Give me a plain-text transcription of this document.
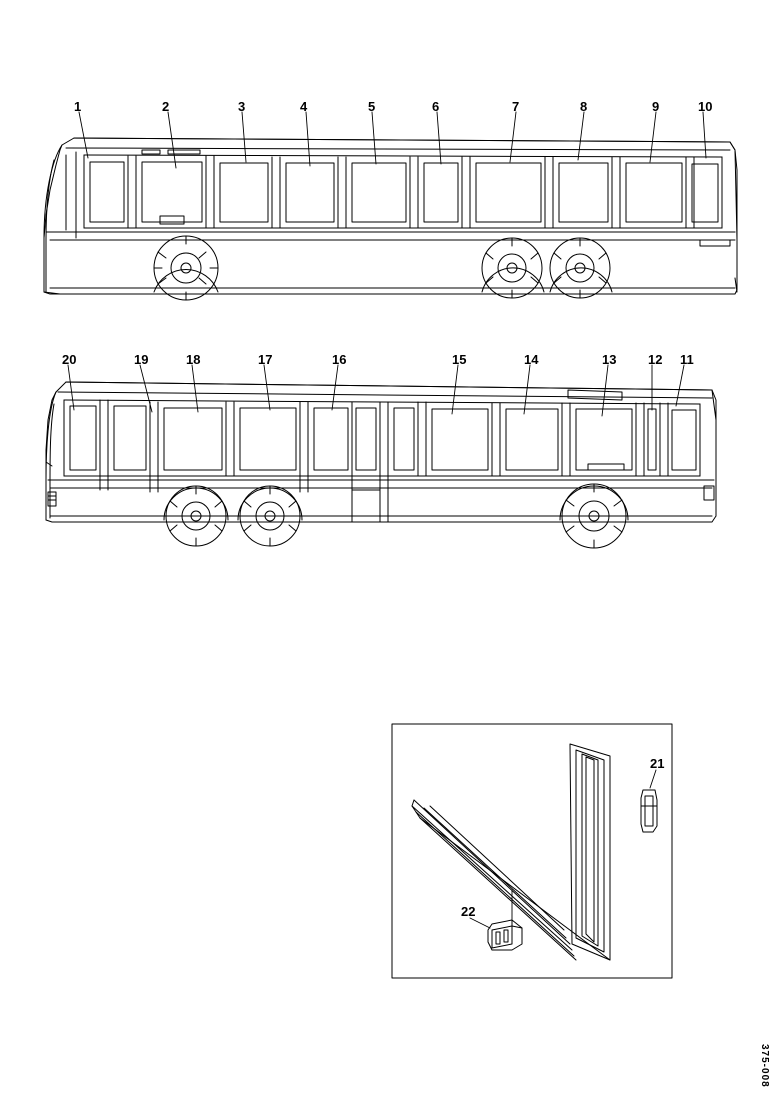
1	2	3	4	5	6	7	8	9	10
20	19	18	17	16	15	14	13 12 11
21
22
375-008
